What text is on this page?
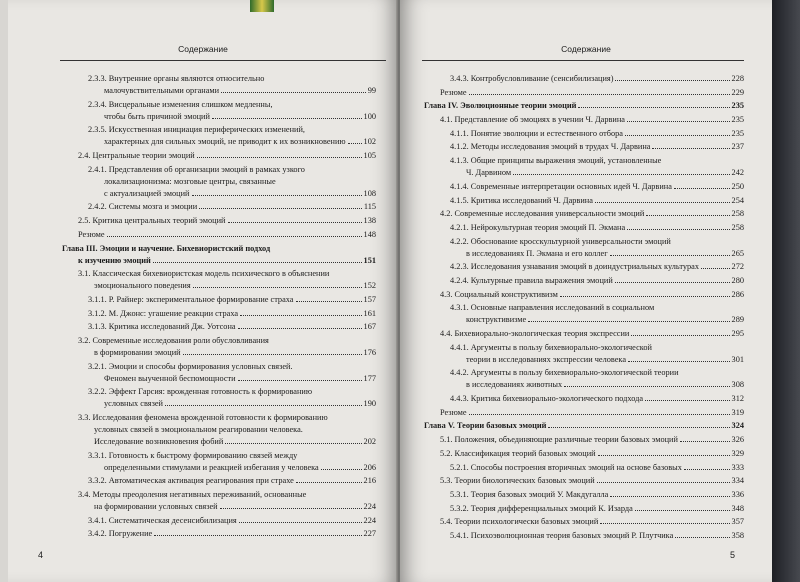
Содержание
2.3.3. Внутренние органы являются относительно
малочувствительными органами	99
2.3.4. Висцеральные изменения слишком медленны,
чтобы быть причиной эмоций	100
2.3.5. Искусственная инициация периферических изменений,
характерных для сильных эмоций, не приводит к их возникновению 102
2.4. Центральные теории эмоций	105
2.4.1. Представления об организации эмоций в рамках узкого
локализационизма: мозговые центры, связанные
с актуализацией эмоций	108
2.4.2. Системы мозга и эмоции	115
2.5. Критика центральных теорий эмоций	138
Резюме	148
Глава III. Эмоции и научение. Бихевиористский подход
к изучению эмоций	151
3.1. Классическая бихевиористская модель психического в объяснении
эмоционального поведения	152
3.1.1. Р. Райнер: экспериментальное формирование страха	157
3.1.2. М. Джонс: угашение реакции страха	161
3.1.3. Критика исследований Дж. Уотсона	167
3.2. Современные исследования роли обусловливания
в формировании эмоций	176
3.2.1. Эмоции и способы формирования условных связей.
Феномен выученной беспомощности	177
3.2.2. Эффект Гарсия: врожденная готовность к формированию
условных связей	190
3.3. Исследования феномена врожденной готовности к формированию
условных связей в эмоциональном реагировании человека.
Исследование возникновения фобий	202
3.3.1. Готовность к быстрому формированию связей между
определенными стимулами и реакцией избегания у человека	206
3.3.2. Автоматическая активация реагирования при страхе	216
3.4. Методы преодоления негативных переживаний, основанные
на формировании условных связей	224
3.4.1. Систематическая десенсибилизация	224
3.4.2. Погружение	227
4
Содержание
3.4.3. Контробусловливание (сенсибилизация)	228
Резюме	229
Глава IV. Эволюционные теории эмоций	235
4.1. Представление об эмоциях в учении Ч. Дарвина	235
4.1.1. Понятие эволюции и естественного отбора	235
4.1.2. Методы исследования эмоций в трудах Ч. Дарвина	237
4.1.3. Общие принципы выражения эмоций, установленные
Ч. Дарвином	242
4.1.4. Современные интерпретации основных идей Ч. Дарвина	250
4.1.5. Критика исследований Ч. Дарвина	254
4.2. Современные исследования универсальности эмоций	258
4.2.1. Нейрокультурная теория эмоций П. Экмана	258
4.2.2. Обоснование кросскультурной универсальности эмоций
в исследованиях П. Экмана и его коллег	265
4.2.3. Исследования узнавания эмоций в доиндустриальных культурах	272
4.2.4. Культурные правила выражения эмоций	280
4.3. Социальный конструктивизм	286
4.3.1. Основные направления исследований в социальном
конструктивизме	289
4.4. Бихевиорально-экологическая теория экспрессии	295
4.4.1. Аргументы в пользу бихевиорально-экологической
теории в исследованиях экспрессии человека	301
4.4.2. Аргументы в пользу бихевиорально-экологической теории
в исследованиях животных	308
4.4.3. Критика бихевиорально-экологического подхода	312
Резюме	319
Глава V. Теории базовых эмоций	324
5.1. Положения, объединяющие различные теории базовых эмоций	326
5.2. Классификация теорий базовых эмоций	329
5.2.1. Способы построения вторичных эмоций на основе базовых	333
5.3. Теории биологических базовых эмоций	334
5.3.1. Теория базовых эмоций У. Макдугалла	336
5.3.2. Теория дифференциальных эмоций К. Изарда	348
5.4. Теории психологически базовых эмоций	357
5.4.1. Психоэволюционная теория базовых эмоций Р. Плутчика	358
5
